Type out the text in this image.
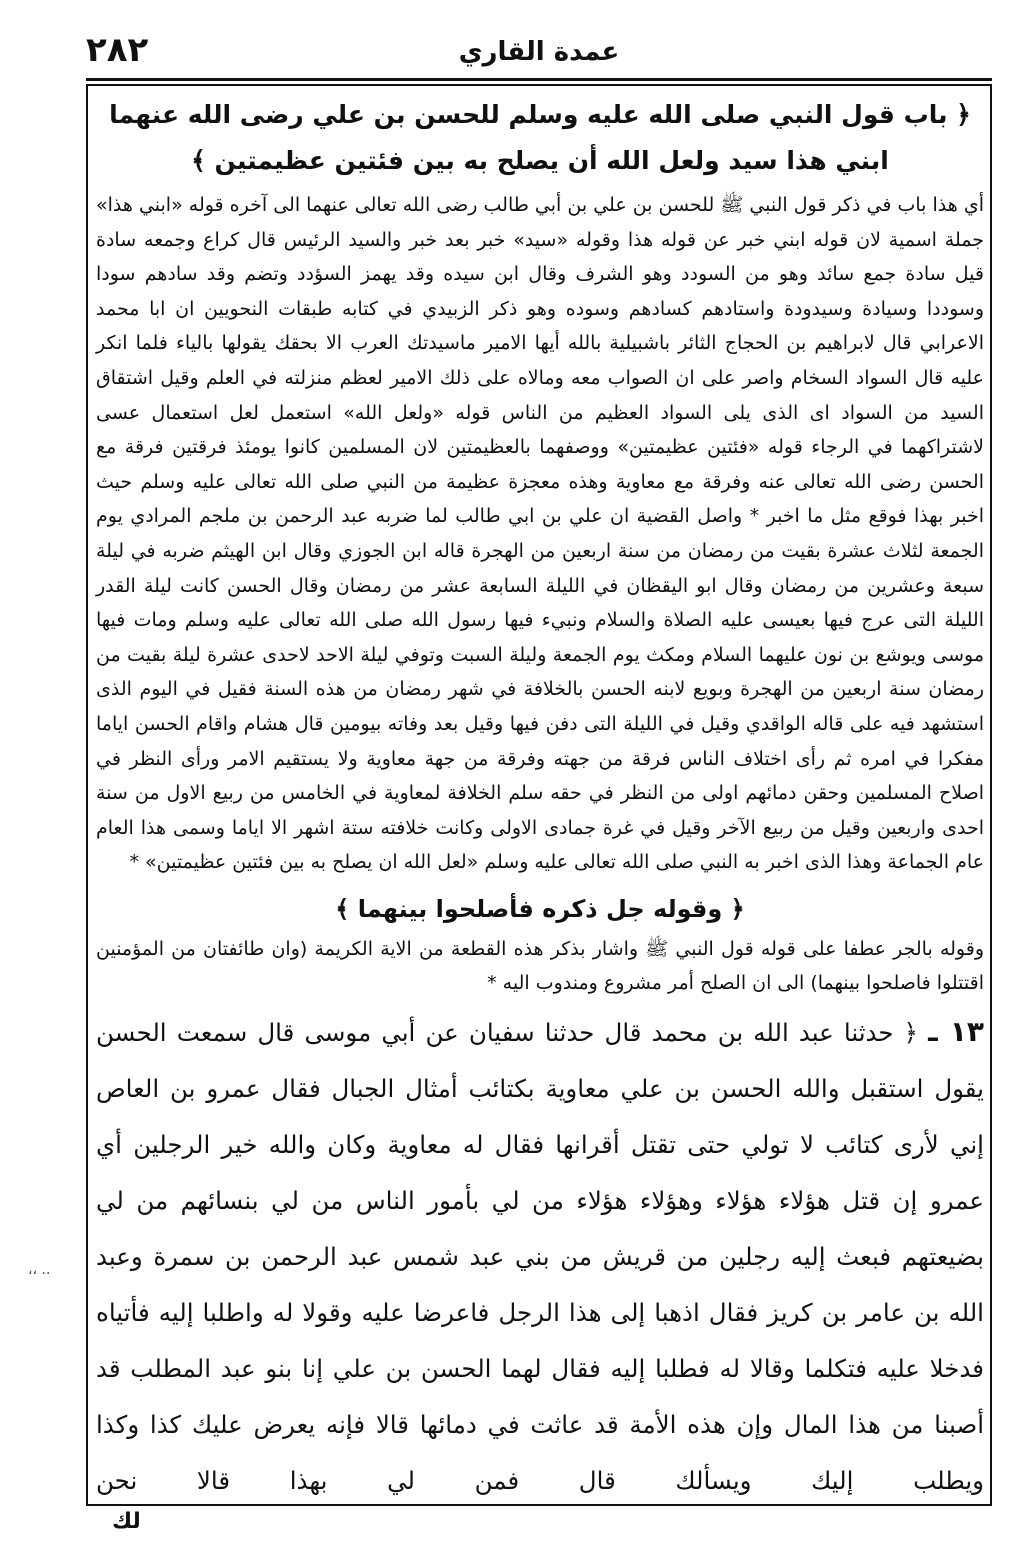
٢٨٢	عمدة القاري

﴿ باب قول النبي صلى الله عليه وسلم للحسن بن علي رضى الله عنهما

ابني هذا سيد ولعل الله أن يصلح به بين فئتين عظيمتين ﴾

أي هذا باب في ذكر قول النبي ﷺ للحسن بن علي بن أبي طالب رضى الله تعالى عنهما الى آخره قوله «ابني هذا» جملة اسمية لان قوله ابني خبر عن قوله هذا وقوله «سيد» خبر بعد خبر والسيد الرئيس قال كراع وجمعه سادة قيل سادة جمع سائد وهو من السودد وهو الشرف وقال ابن سيده وقد يهمز السؤدد وتضم وقد سادهم سودا وسوددا وسيادة وسيدودة واستادهم كسادهم وسوده وهو ذكر الزبيدي في كتابه طبقات النحويين ان ابا محمد الاعرابي قال لابراهيم بن الحجاج الثائر باشبيلية بالله أيها الامير ماسيدتك العرب الا بحقك يقولها بالياء فلما انكر عليه قال السواد السخام واصر على ان الصواب معه ومالاه على ذلك الامير لعظم منزلته في العلم وقيل اشتقاق السيد من السواد اى الذى يلى السواد العظيم من الناس قوله «ولعل الله» استعمل لعل استعمال عسى لاشتراكهما في الرجاء قوله «فئتين عظيمتين» ووصفهما بالعظيمتين لان المسلمين كانوا يومئذ فرقتين فرقة مع الحسن رضى الله تعالى عنه وفرقة مع معاوية وهذه معجزة عظيمة من النبي صلى الله تعالى عليه وسلم حيث اخبر بهذا فوقع مثل ما اخبر * واصل القضية ان علي بن ابي طالب لما ضربه عبد الرحمن بن ملجم المرادي يوم الجمعة لثلاث عشرة بقيت من رمضان من سنة اربعين من الهجرة قاله ابن الجوزي وقال ابن الهيثم ضربه في ليلة سبعة وعشرين من رمضان وقال ابو اليقظان في الليلة السابعة عشر من رمضان وقال الحسن كانت ليلة القدر الليلة التى عرج فيها بعيسى عليه الصلاة والسلام ونبيء فيها رسول الله صلى الله تعالى عليه وسلم ومات فيها موسى ويوشع بن نون عليهما السلام ومكث يوم الجمعة وليلة السبت وتوفي ليلة الاحد لاحدى عشرة ليلة بقيت من رمضان سنة اربعين من الهجرة وبويع لابنه الحسن بالخلافة في شهر رمضان من هذه السنة فقيل في اليوم الذى استشهد فيه على قاله الواقدي وقيل في الليلة التى دفن فيها وقيل بعد وفاته بيومين قال هشام واقام الحسن اياما مفكرا في امره ثم رأى اختلاف الناس فرقة من جهته وفرقة من جهة معاوية ولا يستقيم الامر ورأى النظر في اصلاح المسلمين وحقن دمائهم اولى من النظر في حقه سلم الخلافة لمعاوية في الخامس من ربيع الاول من سنة احدى واربعين وقيل من ربيع الآخر وقيل في غرة جمادى الاولى وكانت خلافته ستة اشهر الا اياما وسمى هذا العام عام الجماعة وهذا الذى اخبر به النبي صلى الله تعالى عليه وسلم «لعل الله ان يصلح به بين فئتين عظيمتين» *

﴿ وقوله جل ذكره فأصلحوا بينهما ﴾

وقوله بالجر عطفا على قوله قول النبي ﷺ واشار بذكر هذه القطعة من الاية الكريمة (وان طائفتان من المؤمنين اقتتلوا فاصلحوا بينهما) الى ان الصلح أمر مشروع ومندوب اليه *

١٣ ـ ﴿ حدثنا عبد الله بن محمد قال حدثنا سفيان عن أبي موسى قال سمعت الحسن يقول استقبل والله الحسن بن علي معاوية بكتائب أمثال الجبال فقال عمرو بن العاص إني لأرى كتائب لا تولي حتى تقتل أقرانها فقال له معاوية وكان والله خير الرجلين أي عمرو إن قتل هؤلاء هؤلاء وهؤلاء هؤلاء من لي بأمور الناس من لي بنسائهم من لي بضيعتهم فبعث إليه رجلين من قريش من بني عبد شمس عبد الرحمن بن سمرة وعبد الله بن عامر بن كريز فقال اذهبا إلى هذا الرجل فاعرضا عليه وقولا له واطلبا إليه فأتياه فدخلا عليه فتكلما وقالا له فطلبا إليه فقال لهما الحسن بن علي إنا بنو عبد المطلب قد أصبنا من هذا المال وإن هذه الأمة قد عاثت في دمائها قالا فإنه يعرض عليك كذا وكذا ويطلب إليك ويسألك قال فمن لي بهذا قالا نحن

لك
،، ..
